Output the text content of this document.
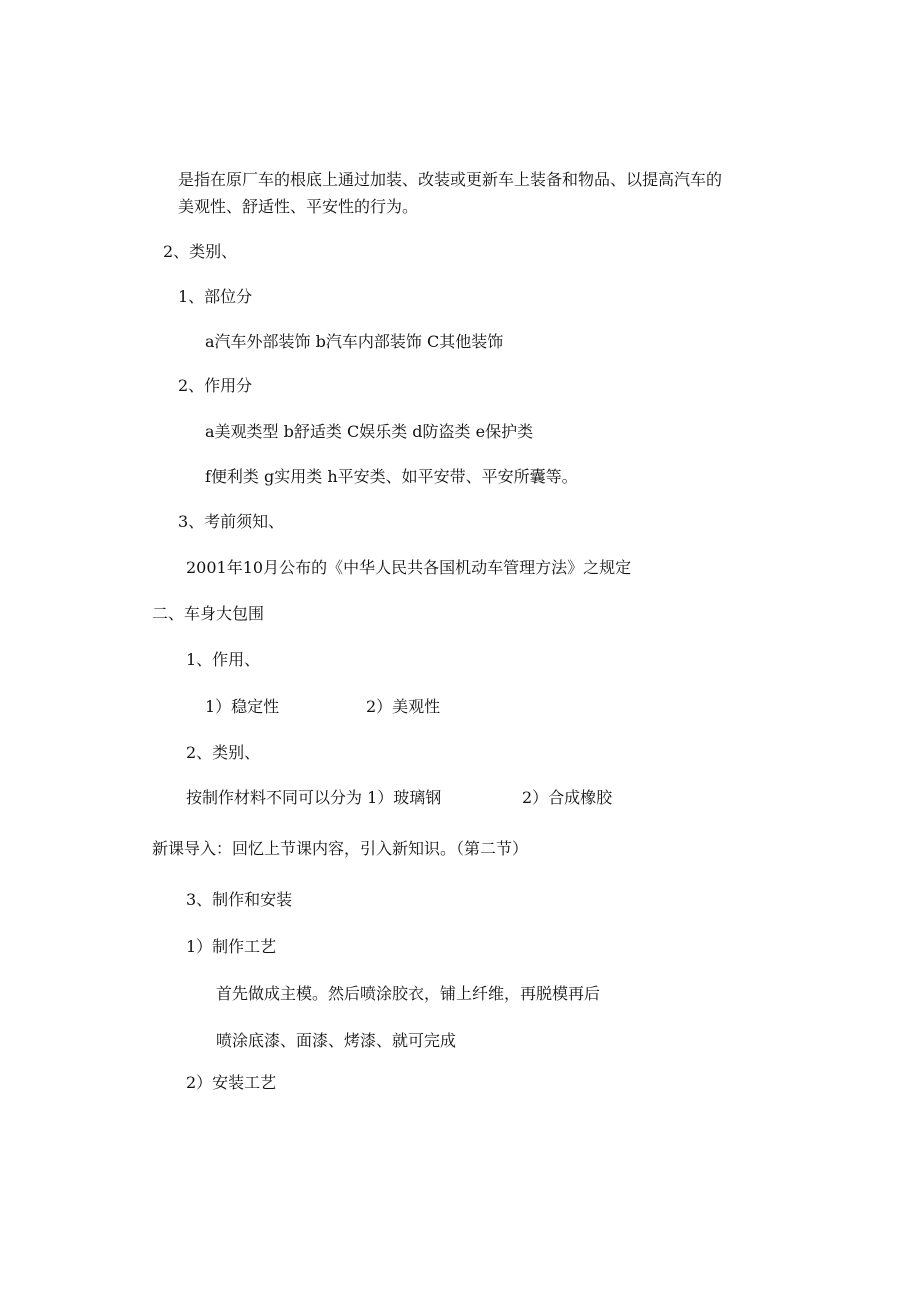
是指在原厂车的根底上通过加装、改装或更新车上装备和物品、以提高汽车的
美观性、舒适性、平安性的行为。
2、类别、
1、部位分
a汽车外部装饰 b汽车内部装饰 C其他装饰
2、作用分
a美观类型 b舒适类 C娱乐类 d防盗类 e保护类
f便利类 g实用类 h平安类、如平安带、平安所囊等。
3、考前须知、
2001年10月公布的《中华人民共各国机动车管理方法》之规定
二、车身大包围
1、作用、
1）稳定性	2）美观性
2、类别、
按制作材料不同可以分为 1）玻璃钢	2）合成橡胶
新课导入：回忆上节课内容，引入新知识。（第二节）
3、制作和安装
1）制作工艺
首先做成主模。然后喷涂胶衣，铺上纤维，再脱模再后
喷涂底漆、面漆、烤漆、就可完成
2）安装工艺
